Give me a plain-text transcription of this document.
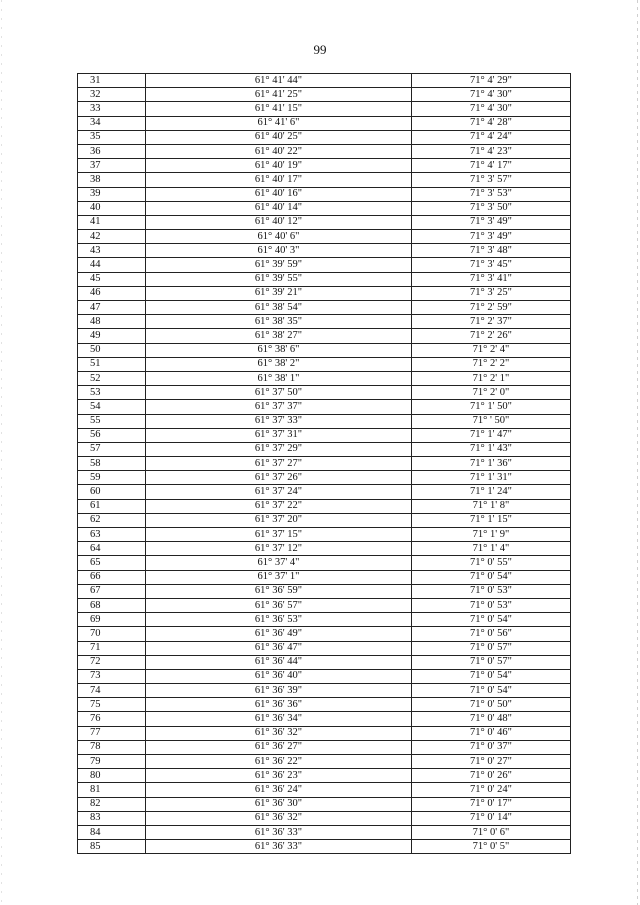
99
31	61° 41' 44"	71° 4' 29"
32	61° 41' 25"	71° 4' 30"
33	61° 41' 15"	71° 4' 30"
34	61° 41' 6"	71° 4' 28"
35	61° 40' 25"	71° 4' 24"
36	61° 40' 22"	71° 4' 23"
37	61° 40' 19"	71° 4' 17"
38	61° 40' 17"	71° 3' 57"
39	61° 40' 16"	71° 3' 53"
40	61° 40' 14"	71° 3' 50"
41	61° 40' 12"	71° 3' 49"
42	61° 40' 6"	71° 3' 49"
43	61° 40' 3"	71° 3' 48"
44	61° 39' 59"	71° 3' 45"
45	61° 39' 55"	71° 3' 41"
46	61° 39' 21"	71° 3' 25"
47	61° 38' 54"	71° 2' 59"
48	61° 38' 35"	71° 2' 37"
49	61° 38' 27"	71° 2' 26"
50	61° 38' 6"	71° 2' 4"
51	61° 38' 2"	71° 2' 2"
52	61° 38' 1"	71° 2' 1"
53	61° 37' 50"	71° 2' 0"
54	61° 37' 37"	71° 1' 50"
55	61° 37' 33"	71° ' 50"
56	61° 37' 31"	71° 1' 47"
57	61° 37' 29"	71° 1' 43"
58	61° 37' 27"	71° 1' 36"
59	61° 37' 26"	71° 1' 31"
60	61° 37' 24"	71° 1' 24"
61	61° 37' 22"	71° 1' 8"
62	61° 37' 20"	71° 1' 15"
63	61° 37' 15"	71° 1' 9"
64	61° 37' 12"	71° 1' 4"
65	61° 37' 4"	71° 0' 55"
66	61° 37' 1"	71° 0' 54"
67	61° 36' 59"	71° 0' 53"
68	61° 36' 57"	71° 0' 53"
69	61° 36' 53"	71° 0' 54"
70	61° 36' 49"	71° 0' 56"
71	61° 36' 47"	71° 0' 57"
72	61° 36' 44"	71° 0' 57"
73	61° 36' 40"	71° 0' 54"
74	61° 36' 39"	71° 0' 54"
75	61° 36' 36"	71° 0' 50"
76	61° 36' 34"	71° 0' 48"
77	61° 36' 32"	71° 0' 46"
78	61° 36' 27"	71° 0' 37"
79	61° 36' 22"	71° 0' 27"
80	61° 36' 23"	71° 0' 26"
81	61° 36' 24"	71° 0' 24"
82	61° 36' 30"	71° 0' 17"
83	61° 36' 32"	71° 0' 14"
84	61° 36' 33"	71° 0' 6"
85	61° 36' 33"	71° 0' 5"
